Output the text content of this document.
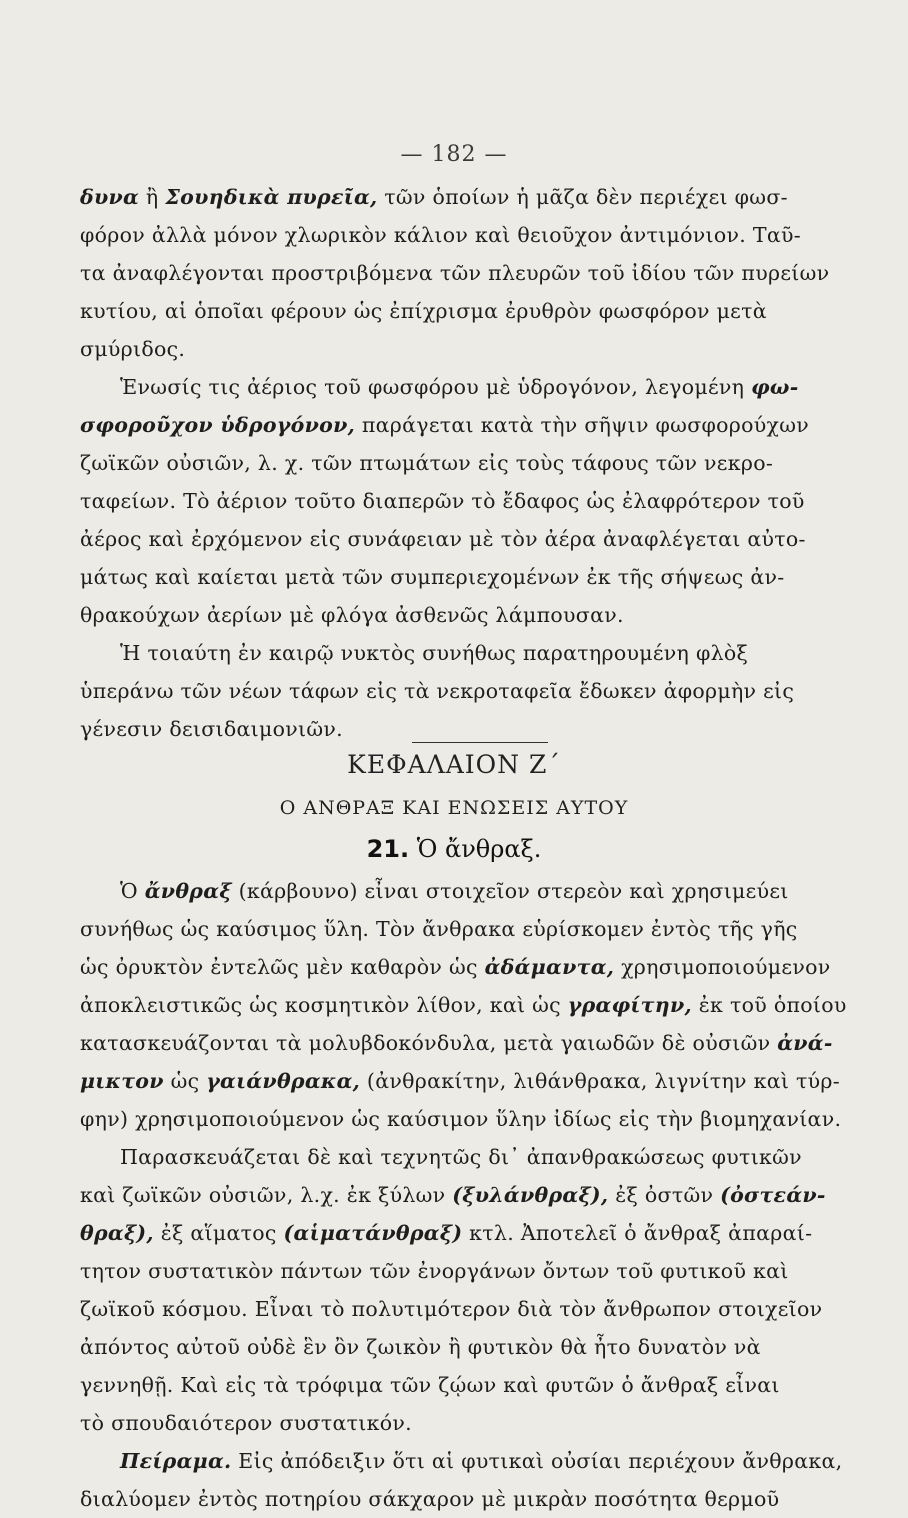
— 182 —
δυνα ἢ Σουηδικὰ πυρεῖα, τῶν ὁποίων ἡ μᾶζα δὲν περιέχει φωσ-
φόρον ἀλλὰ μόνον χλωρικὸν κάλιον καὶ θειοῦχον ἀντιμόνιον. Ταῦ-
τα ἀναφλέγονται προστριβόμενα τῶν πλευρῶν τοῦ ἰδίου τῶν πυρείων
κυτίου, αἱ ὁποῖαι φέρουν ὡς ἐπίχρισμα ἐρυθρὸν φωσφόρον μετὰ
σμύριδος.
Ἑνωσίς τις ἀέριος τοῦ φωσφόρου μὲ ὑδρογόνον, λεγομένη φω-
σφοροῦχον ὑδρογόνον, παράγεται κατὰ τὴν σῆψιν φωσφορούχων
ζωϊκῶν οὐσιῶν, λ. χ. τῶν πτωμάτων εἰς τοὺς τάφους τῶν νεκρο-
ταφείων. Τὸ ἀέριον τοῦτο διαπερῶν τὸ ἔδαφος ὡς ἐλαφρότερον τοῦ
ἀέρος καὶ ἐρχόμενον εἰς συνάφειαν μὲ τὸν ἀέρα ἀναφλέγεται αὐτο-
μάτως καὶ καίεται μετὰ τῶν συμπεριεχομένων ἐκ τῆς σήψεως ἀν-
θρακούχων ἀερίων μὲ φλόγα ἀσθενῶς λάμπουσαν.
Ἡ τοιαύτη ἐν καιρῷ νυκτὸς συνήθως παρατηρουμένη φλὸξ
ὑπεράνω τῶν νέων τάφων εἰς τὰ νεκροταφεῖα ἔδωκεν ἀφορμὴν εἰς
γένεσιν δεισιδαιμονιῶν.
ΚΕΦΑΛΑΙΟΝ Ζ΄
Ο ΑΝΘΡΑΞ ΚΑΙ ΕΝΩΣΕΙΣ ΑΥΤΟΥ
21. Ὁ ἄνθραξ.
Ὁ ἄνθραξ (κάρβουνο) εἶναι στοιχεῖον στερεὸν καὶ χρησιμεύει
συνήθως ὡς καύσιμος ὕλη. Τὸν ἄνθρακα εὑρίσκομεν ἐντὸς τῆς γῆς
ὡς ὀρυκτὸν ἐντελῶς μὲν καθαρὸν ὡς ἀδάμαντα, χρησιμοποιούμενον
ἀποκλειστικῶς ὡς κοσμητικὸν λίθον, καὶ ὡς γραφίτην, ἐκ τοῦ ὁποίου
κατασκευάζονται τὰ μολυβδοκόνδυλα, μετὰ γαιωδῶν δὲ οὐσιῶν ἀνά-
μικτον ὡς γαιάνθρακα, (ἀνθρακίτην, λιθάνθρακα, λιγνίτην καὶ τύρ-
φην) χρησιμοποιούμενον ὡς καύσιμον ὕλην ἰδίως εἰς τὴν βιομηχανίαν.
Παρασκευάζεται δὲ καὶ τεχνητῶς δι᾽ ἀπανθρακώσεως φυτικῶν
καὶ ζωϊκῶν οὐσιῶν, λ.χ. ἐκ ξύλων (ξυλάνθραξ), ἐξ ὀστῶν (ὀστεάν-
θραξ), ἐξ αἵματος (αἱματάνθραξ) κτλ. Ἀποτελεῖ ὁ ἄνθραξ ἀπαραί-
τητον συστατικὸν πάντων τῶν ἐνοργάνων ὄντων τοῦ φυτικοῦ καὶ
ζωϊκοῦ κόσμου. Εἶναι τὸ πολυτιμότερον διὰ τὸν ἄνθρωπον στοιχεῖον
ἀπόντος αὐτοῦ οὐδὲ ἓν ὂν ζωικὸν ἢ φυτικὸν θὰ ἦτο δυνατὸν νὰ
γεννηθῇ. Καὶ εἰς τὰ τρόφιμα τῶν ζῴων καὶ φυτῶν ὁ ἄνθραξ εἶναι
τὸ σπουδαιότερον συστατικόν.
Πείραμα. Εἰς ἀπόδειξιν ὅτι αἱ φυτικαὶ οὐσίαι περιέχουν ἄνθρακα,
διαλύομεν ἐντὸς ποτηρίου σάκχαρον μὲ μικρὰν ποσότητα θερμοῦ
